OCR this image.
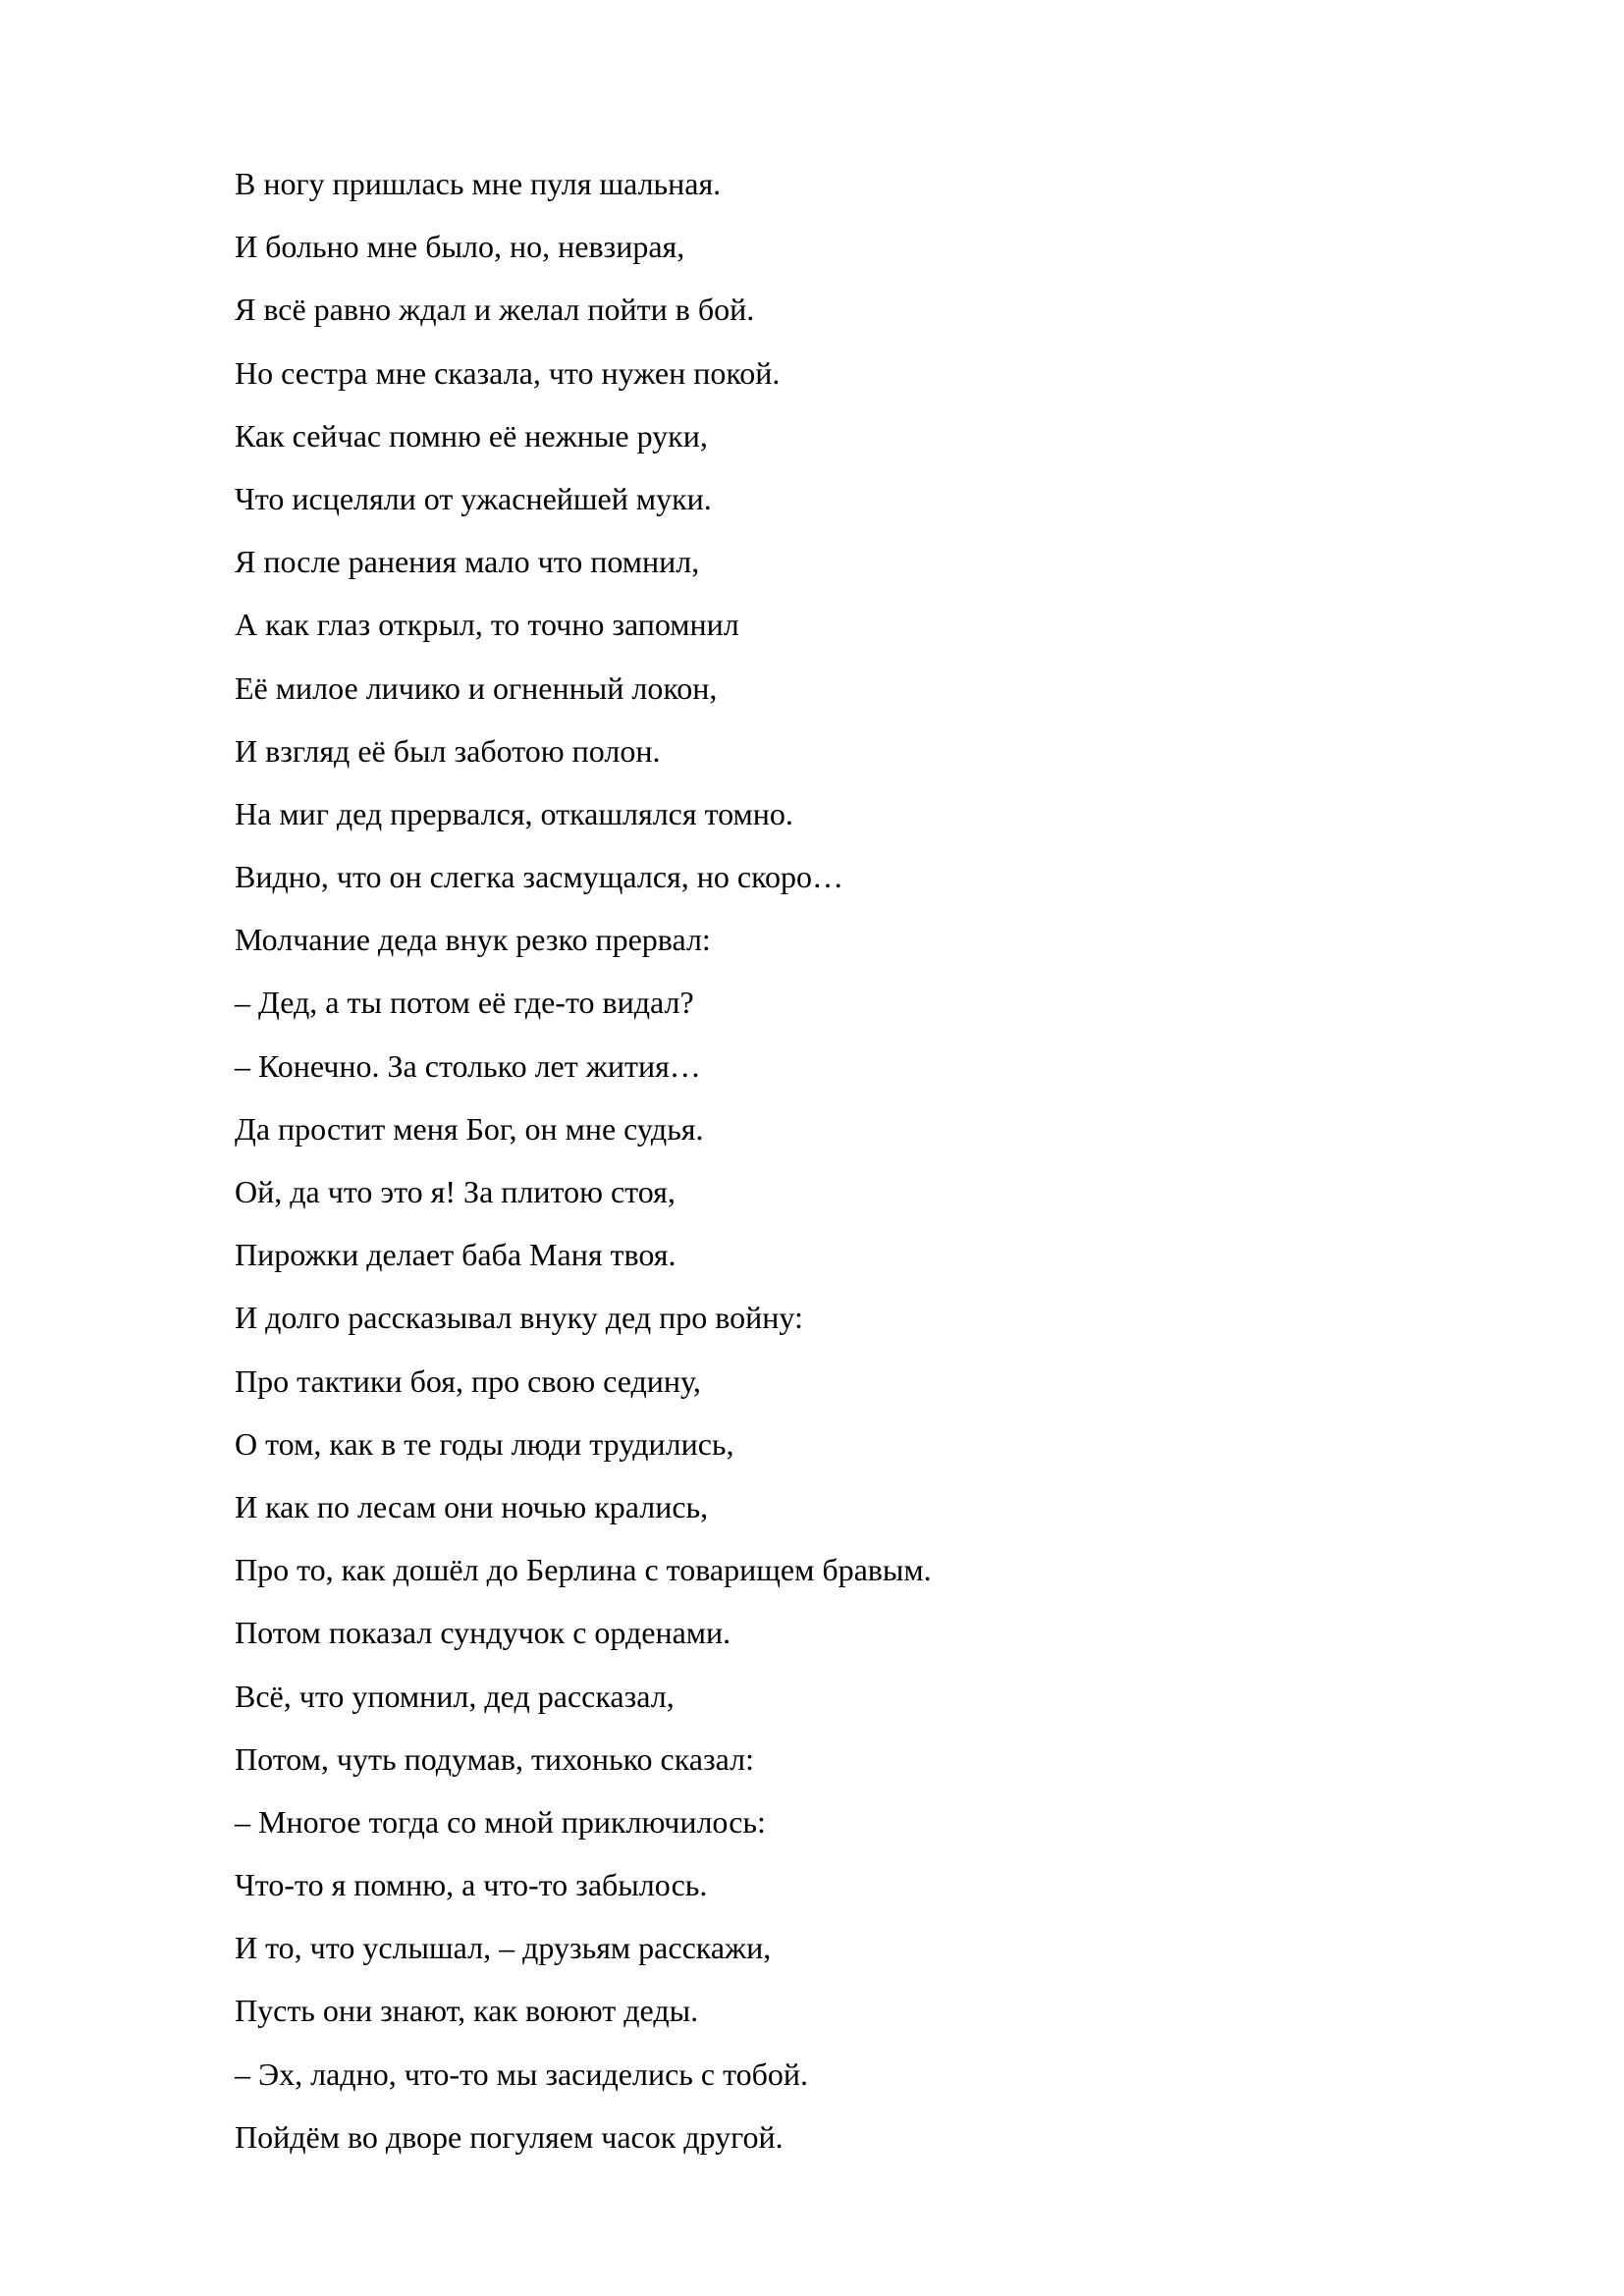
В ногу пришлась мне пуля шальная.

И больно мне было, но, невзирая,

Я всё равно ждал и желал пойти в бой.

Но сестра мне сказала, что нужен покой.

Как сейчас помню её нежные руки,

Что исцеляли от ужаснейшей муки.

Я после ранения мало что помнил,

А как глаз открыл, то точно запомнил

Её милое личико и огненный локон,

И взгляд её был заботою полон.

На миг дед прервался, откашлялся томно.

Видно, что он слегка засмущался, но скоро…

Молчание деда внук резко прервал:

– Дед, а ты потом её где-то видал?

– Конечно. За столько лет жития…

Да простит меня Бог, он мне судья.

Ой, да что это я! За плитою стоя,

Пирожки делает баба Маня твоя.

И долго рассказывал внуку дед про войну:

Про тактики боя, про свою седину,

О том, как в те годы люди трудились,

И как по лесам они ночью крались,

Про то, как дошёл до Берлина с товарищем бравым.

Потом показал сундучок с орденами.

Всё, что упомнил, дед рассказал,

Потом, чуть подумав, тихонько сказал:

– Многое тогда со мной приключилось:

Что-то я помню, а что-то забылось.

И то, что услышал, – друзьям расскажи,

Пусть они знают, как воюют деды.

– Эх, ладно, что-то мы засиделись с тобой.

Пойдём во дворе погуляем часок другой.
